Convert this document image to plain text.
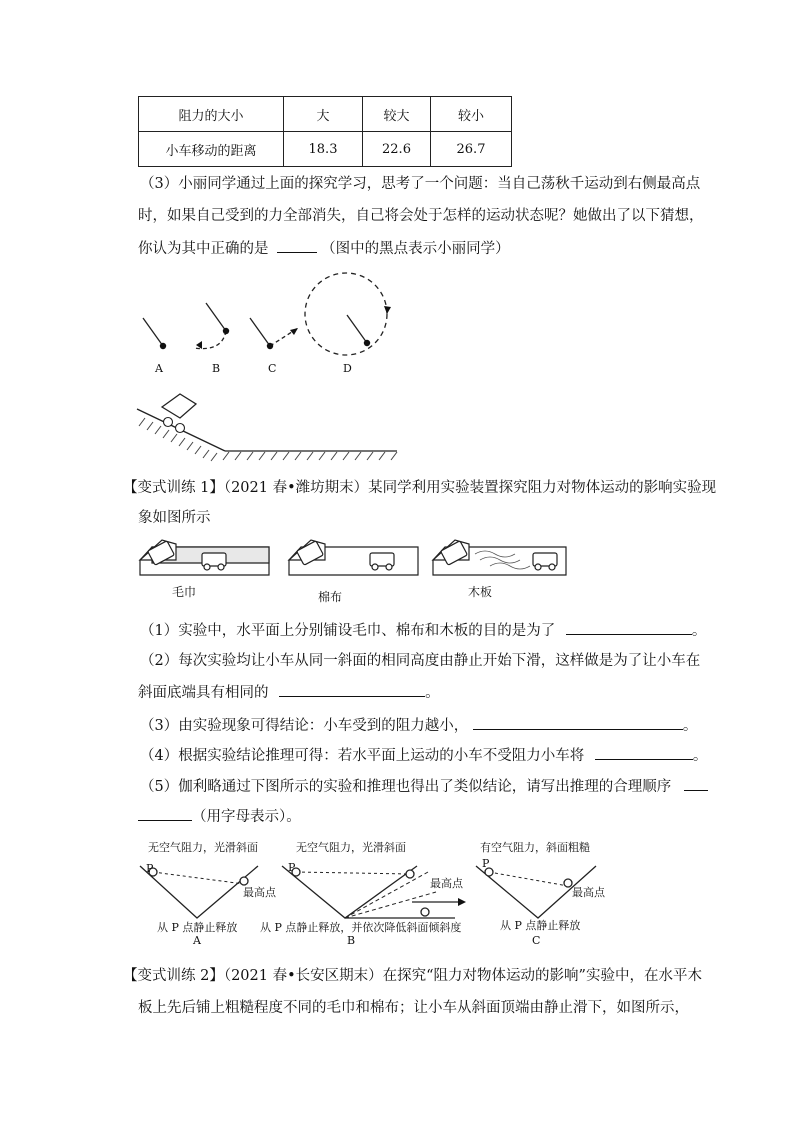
阻力的大小	大	较大	较小
小车移动的距离	18.3	22.6	26.7
（3）小丽同学通过上面的探究学习，思考了一个问题：当自己荡秋千运动到右侧最高点
时，如果自己受到的力全部消失，自己将会处于怎样的运动状态呢？她做出了以下猜想，
你认为其中正确的是	（图中的黑点表示小丽同学）
A	B	C	D
【变式训练 1】（2021 春•潍坊期末）某同学利用实验装置探究阻力对物体运动的影响实验现
象如图所示
毛巾	棉布	木板
（1）实验中，水平面上分别铺设毛巾、棉布和木板的目的是为了	。
（2）每次实验均让小车从同一斜面的相同高度由静止开始下滑，这样做是为了让小车在
斜面底端具有相同的	。
（3）由实验现象可得结论：小车受到的阻力越小，	。
（4）根据实验结论推理可得：若水平面上运动的小车不受阻力小车将	。
（5）伽利略通过下图所示的实验和推理也得出了类似结论，请写出推理的合理顺序
（用字母表示）。
无空气阻力，光滑斜面
P
最高点
从 P 点静止释放
A
无空气阻力，光滑斜面
P
最高点
从 P 点静止释放，并依次降低斜面倾斜度
B
有空气阻力，斜面粗糙
P
最高点
从 P 点静止释放
C
【变式训练 2】（2021 春•长安区期末）在探究“阻力对物体运动的影响”实验中，在水平木
板上先后铺上粗糙程度不同的毛巾和棉布；让小车从斜面顶端由静止滑下，如图所示，
